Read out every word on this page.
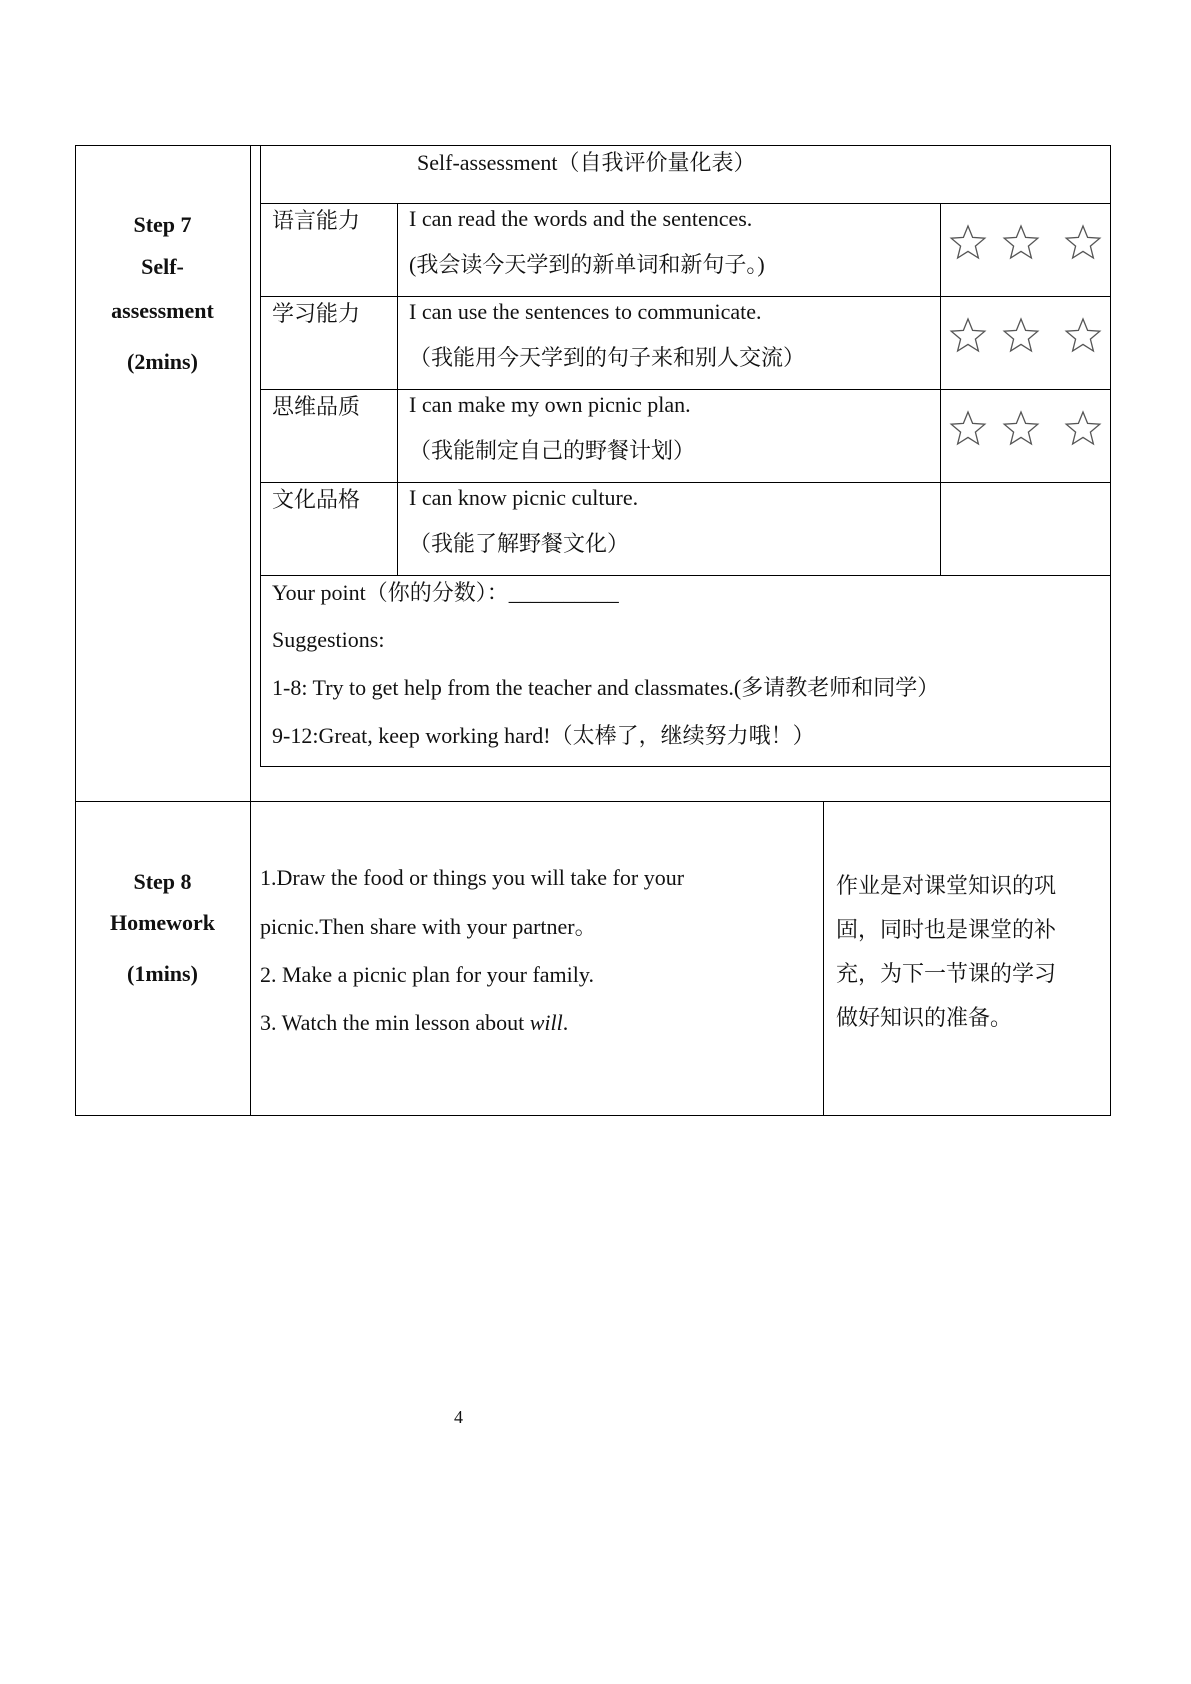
Step 7
Self-
assessment
(2mins)
Self-assessment（自我评价量化表）
语言能力 I can read the words and the sentences.
(我会读今天学到的新单词和新句子。)
学习能力 I can use the sentences to communicate.
（我能用今天学到的句子来和别人交流）
思维品质 I can make my own picnic plan.
（我能制定自己的野餐计划）
文化品格 I can know picnic culture.
（我能了解野餐文化）
Your point（你的分数）：__________
Suggestions:
1-8: Try to get help from the teacher and classmates.(多请教老师和同学）
9-12:Great, keep working hard!（太棒了，继续努力哦！）
Step 8
Homework
(1mins)
1.Draw the food or things you will take for your
picnic.Then share with your partner。
2. Make a picnic plan for your family.
3. Watch the min lesson about will.
作业是对课堂知识的巩
固，同时也是课堂的补
充，为下一节课的学习
做好知识的准备。
4
